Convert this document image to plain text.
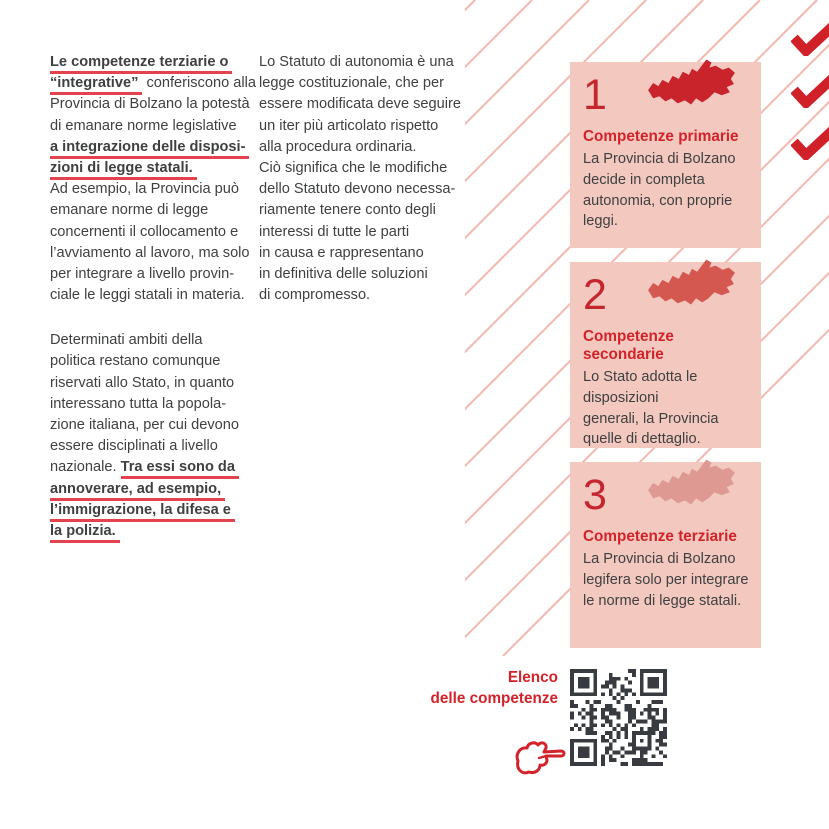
Le competenze terziarie o
“integrative” conferiscono alla
Provincia di Bolzano la potestà
di emanare norme legislative
a integrazione delle disposi-
zioni di legge statali.
Ad esempio, la Provincia può
emanare norme di legge
concernenti il collocamento e
l’avviamento al lavoro, ma solo
per integrare a livello provin-
ciale le leggi statali in materia.
Determinati ambiti della
politica restano comunque
riservati allo Stato, in quanto
interessano tutta la popola-
zione italiana, per cui devono
essere disciplinati a livello
nazionale. Tra essi sono da
annoverare, ad esempio,
l’immigrazione, la difesa e
la polizia.
Lo Statuto di autonomia è una
legge costituzionale, che per
essere modificata deve seguire
un iter più articolato rispetto
alla procedura ordinaria.
Ciò significa che le modifiche
dello Statuto devono necessa-
riamente tenere conto degli
interessi di tutte le parti
in causa e rappresentano
in definitiva delle soluzioni
di compromesso.
1
Competenze primarie
La Provincia di Bolzano
decide in completa
autonomia, con proprie
leggi.
2
Competenze secondarie
Lo Stato adotta le
disposizioni
generali, la Provincia
quelle di dettaglio.
3
Competenze terziarie
La Provincia di Bolzano
legifera solo per integrare
le norme di legge statali.
Elenco
delle competenze
